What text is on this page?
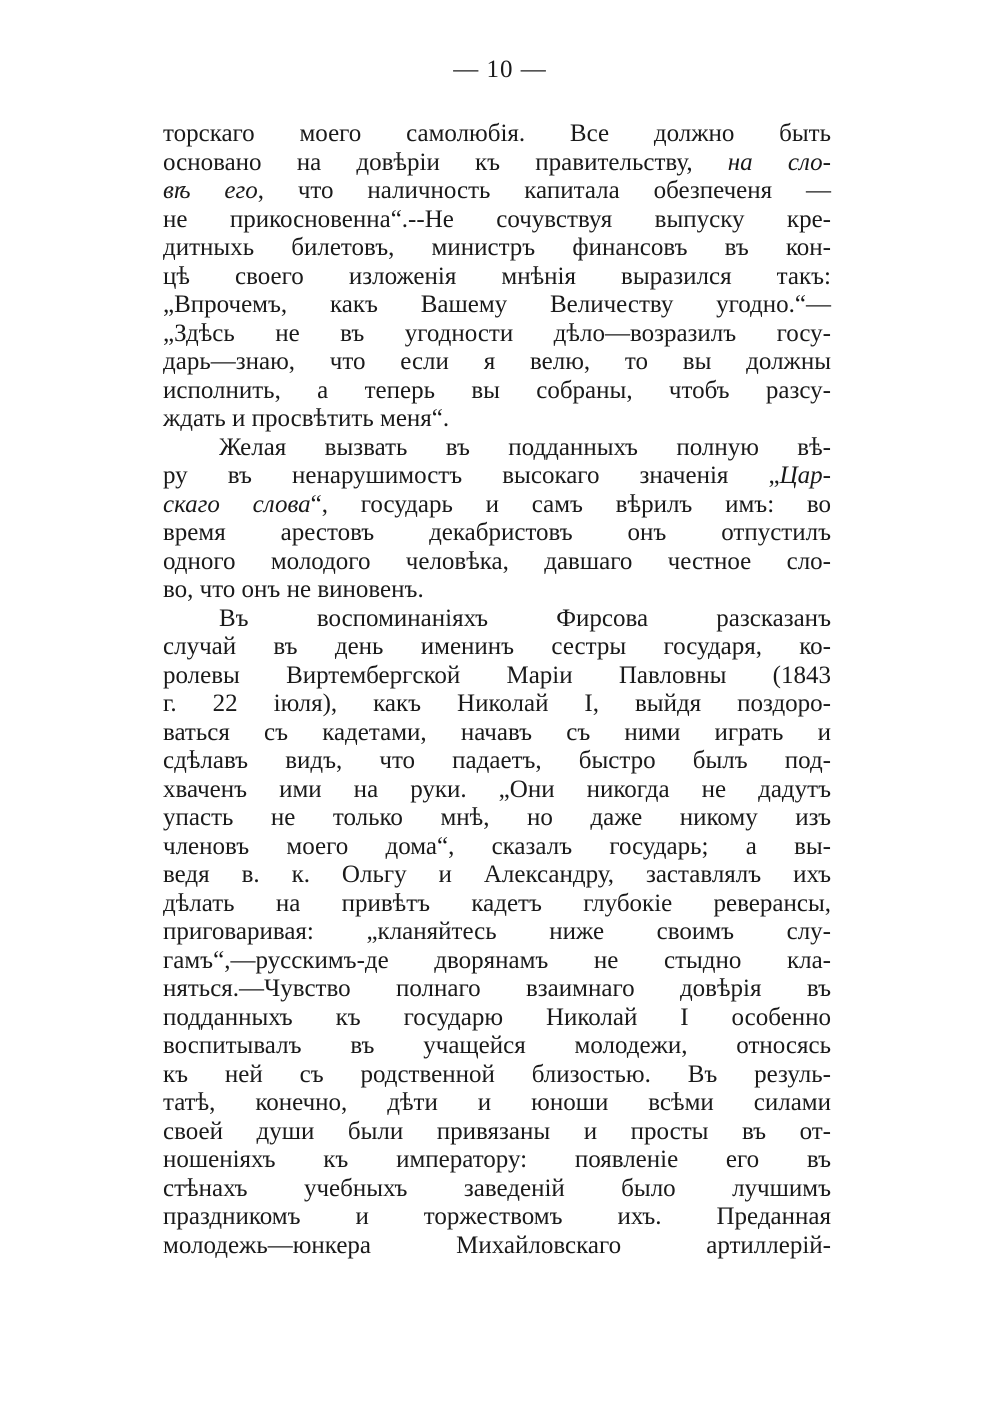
— 10 —
торскаго моего самолюбія. Все должно быть
основано на довѣріи къ правительству, на сло-
вѣ его, что наличность капитала обезпеченя —
не прикосновенна“.--Не сочувствуя выпуску кре-
дитныхь билетовъ, министръ финансовъ въ кон-
цѣ своего изложенія мнѣнія выразился такъ:
„Впрочемъ, какъ Вашему Величеству угодно.“—
„Здѣсь не въ угодности дѣло—возразилъ госу-
дарь—знаю, что если я велю, то вы должны
исполнить, а теперь вы собраны, чтобъ разсу-
ждать и просвѣтить меня“.
Желая вызвать въ подданныхъ полную вѣ-
ру въ ненарушимостъ высокаго значенія „Цар-
скаго слова“, государь и самъ вѣрилъ имъ: во
время арестовъ декабристовъ онъ отпустилъ
одного молодого человѣка, давшаго честное сло-
во, что онъ не виновенъ.
Въ воспоминаніяхъ Фирсова разсказанъ
случай въ день именинъ сестры государя, ко-
ролевы Виртембергской Маріи Павловны (1843
г. 22 іюля), какъ Николай I, выйдя поздоро-
ваться съ кадетами, начавъ съ ними играть и
сдѣлавъ видъ, что падаетъ, быстро былъ под-
хваченъ ими на руки. „Они никогда не дадутъ
упасть не только мнѣ, но даже никому изъ
членовъ моего дома“, сказалъ государь; а вы-
ведя в. к. Ольгу и Александру, заставлялъ ихъ
дѣлать на привѣтъ кадетъ глубокіе реверансы,
приговаривая: „кланяйтесь ниже своимъ слу-
гамъ“,—русскимъ-де дворянамъ не стыдно кла-
няться.—Чувство полнаго взаимнаго довѣрія въ
подданныхъ къ государю Николай I особенно
воспитывалъ въ учащейся молодежи, относясь
къ ней съ родственной близостью. Въ резуль-
татѣ, конечно, дѣти и юноши всѣми силами
своей души были привязаны и просты въ от-
ношеніяхъ къ императору: появленіе его въ
стѣнахъ учебныхъ заведеній было лучшимъ
праздникомъ и торжествомъ ихъ. Преданная
молодежь—юнкера Михайловскаго артиллерій-
